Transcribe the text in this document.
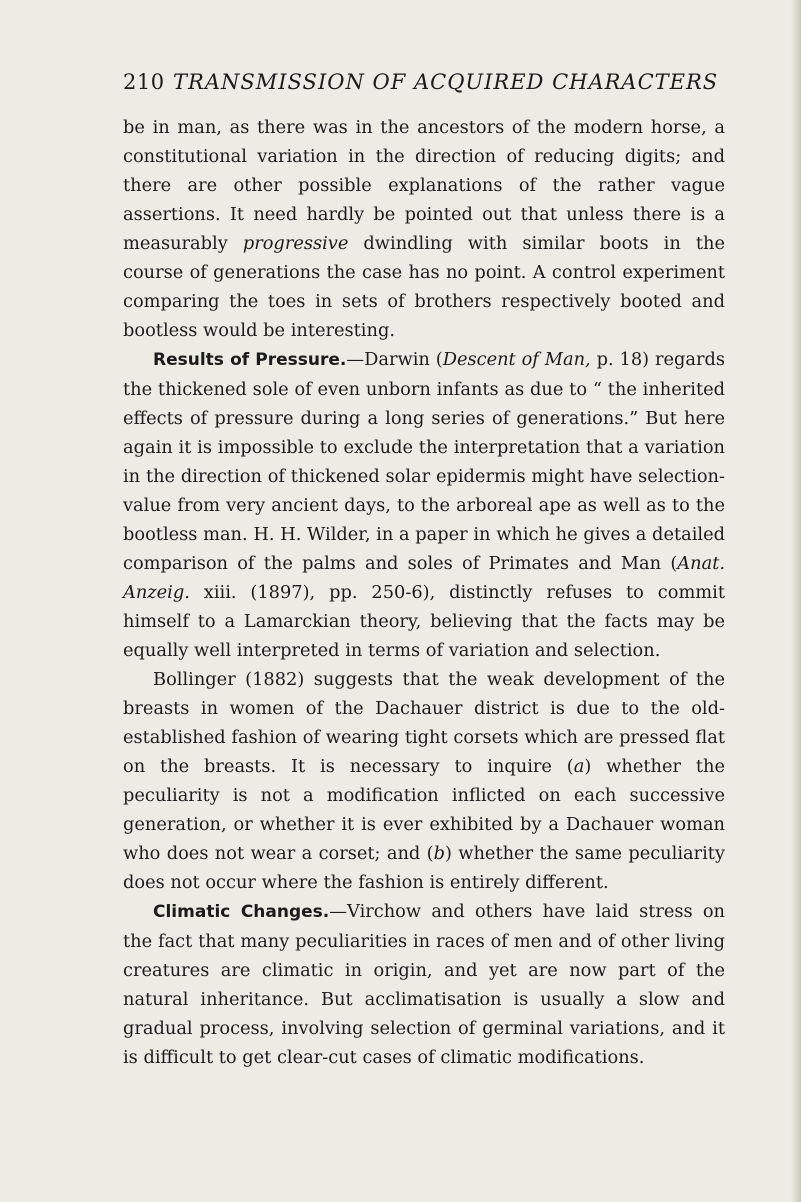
210 TRANSMISSION OF ACQUIRED CHARACTERS

be in man, as there was in the ancestors of the modern horse, a constitutional variation in the direction of reducing digits; and there are other possible explanations of the rather vague assertions. It need hardly be pointed out that unless there is a measurably progressive dwindling with similar boots in the course of generations the case has no point. A control experiment comparing the toes in sets of brothers respectively booted and bootless would be interesting.

Results of Pressure.—Darwin (Descent of Man, p. 18) regards the thickened sole of even unborn infants as due to “ the inherited effects of pressure during a long series of generations.” But here again it is impossible to exclude the interpretation that a variation in the direction of thickened solar epidermis might have selection-value from very ancient days, to the arboreal ape as well as to the bootless man. H. H. Wilder, in a paper in which he gives a detailed comparison of the palms and soles of Primates and Man (Anat. Anzeig. xiii. (1897), pp. 250-6), distinctly refuses to commit himself to a Lamarckian theory, believing that the facts may be equally well interpreted in terms of variation and selection.

Bollinger (1882) suggests that the weak development of the breasts in women of the Dachauer district is due to the old-established fashion of wearing tight corsets which are pressed flat on the breasts. It is necessary to inquire (a) whether the peculiarity is not a modification inflicted on each successive generation, or whether it is ever exhibited by a Dachauer woman who does not wear a corset; and (b) whether the same peculiarity does not occur where the fashion is entirely different.

Climatic Changes.—Virchow and others have laid stress on the fact that many peculiarities in races of men and of other living creatures are climatic in origin, and yet are now part of the natural inheritance. But acclimatisation is usually a slow and gradual process, involving selection of germinal variations, and it is difficult to get clear-cut cases of climatic modifications.
